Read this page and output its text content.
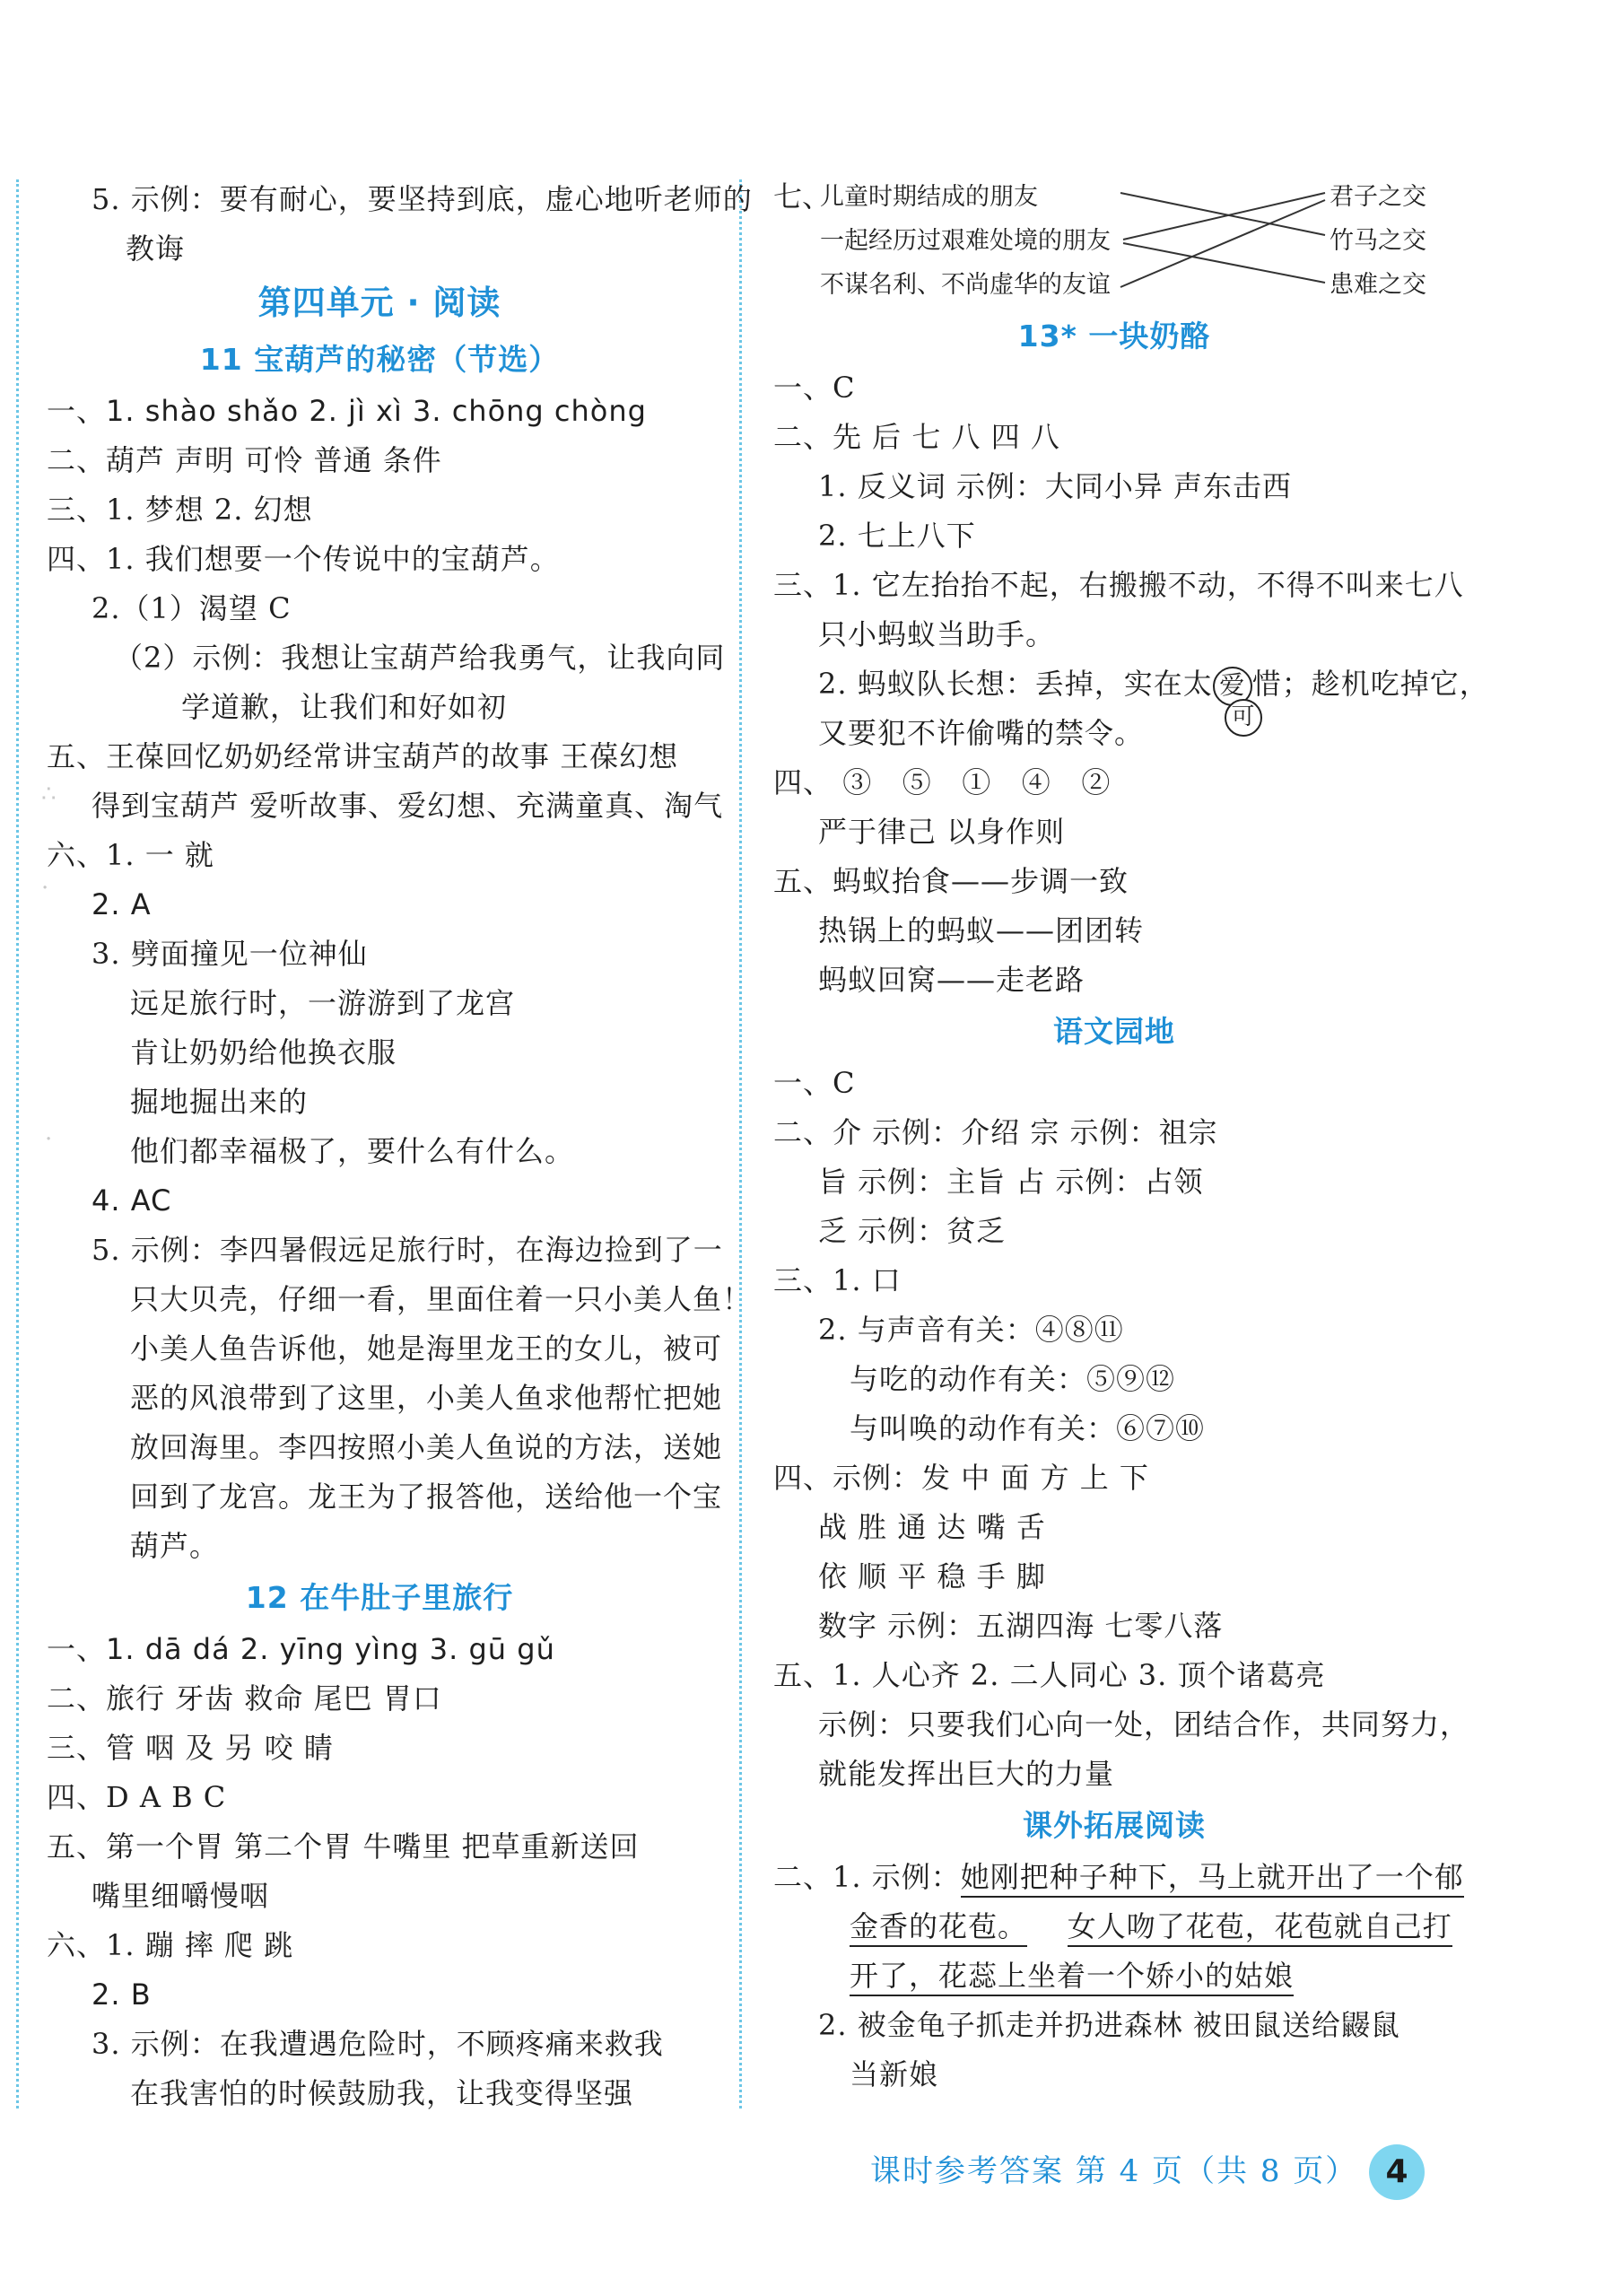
∴
·
·
5. 示例：要有耐心，要坚持到底，虚心地听老师的
教诲
第四单元 · 阅读
11 宝葫芦的秘密（节选）
一、1. shào shǎo 2. jì xì 3. chōng chòng
二、葫芦 声明 可怜 普通 条件
三、1. 梦想 2. 幻想
四、1. 我们想要一个传说中的宝葫芦。
2.（1）渴望 C
（2）示例：我想让宝葫芦给我勇气，让我向同
学道歉，让我们和好如初
五、王葆回忆奶奶经常讲宝葫芦的故事 王葆幻想
得到宝葫芦 爱听故事、爱幻想、充满童真、淘气
六、1. 一 就
2. A
3. 劈面撞见一位神仙
远足旅行时，一游游到了龙宫
肯让奶奶给他换衣服
掘地掘出来的
他们都幸福极了，要什么有什么。
4. AC
5. 示例：李四暑假远足旅行时，在海边捡到了一
只大贝壳，仔细一看，里面住着一只小美人鱼！
小美人鱼告诉他，她是海里龙王的女儿，被可
恶的风浪带到了这里，小美人鱼求他帮忙把她
放回海里。李四按照小美人鱼说的方法，送她
回到了龙宫。龙王为了报答他，送给他一个宝
葫芦。
12 在牛肚子里旅行
一、1. dā dá 2. yīng yìng 3. gū gǔ
二、旅行 牙齿 救命 尾巴 胃口
三、管 咽 及 另 咬 睛
四、D A B C
五、第一个胃 第二个胃 牛嘴里 把草重新送回
嘴里细嚼慢咽
六、1. 蹦 摔 爬 跳
2. B
3. 示例：在我遭遇危险时，不顾疼痛来救我
在我害怕的时候鼓励我，让我变得坚强
七、
儿童时期结成的朋友
一起经历过艰难处境的朋友
不谋名利、不尚虚华的友谊
君子之交
竹马之交
患难之交
13* 一块奶酪
一、C
二、先 后 七 八 四 八
1. 反义词 示例：大同小异 声东击西
2. 七上八下
三、1. 它左抬抬不起，右搬搬不动，不得不叫来七八
只小蚂蚁当助手。
2. 蚂蚁队长想：丢掉，实在太 爱 惜；趁机吃掉它，
可
又要犯不许偷嘴的禁令。
四、 ③ ⑤ ① ④ ②
严于律己 以身作则
五、蚂蚁抬食——步调一致
热锅上的蚂蚁——团团转
蚂蚁回窝——走老路
语文园地
一、C
二、介 示例：介绍 宗 示例：祖宗
旨 示例：主旨 占 示例：占领
乏 示例：贫乏
三、1. 口
2. 与声音有关：④⑧⑪
与吃的动作有关：⑤⑨⑫
与叫唤的动作有关：⑥⑦⑩
四、示例：发 中 面 方 上 下
战 胜 通 达 嘴 舌
依 顺 平 稳 手 脚
数字 示例：五湖四海 七零八落
五、1. 人心齐 2. 二人同心 3. 顶个诸葛亮
示例：只要我们心向一处，团结合作，共同努力，
就能发挥出巨大的力量
课外拓展阅读
二、1. 示例：她刚把种子种下，马上就开出了一个郁
金香的花苞。 女人吻了花苞，花苞就自己打
开了，花蕊上坐着一个娇小的姑娘
2. 被金龟子抓走并扔进森林 被田鼠送给鼹鼠
当新娘
课时参考答案 第 4 页（共 8 页） 4
